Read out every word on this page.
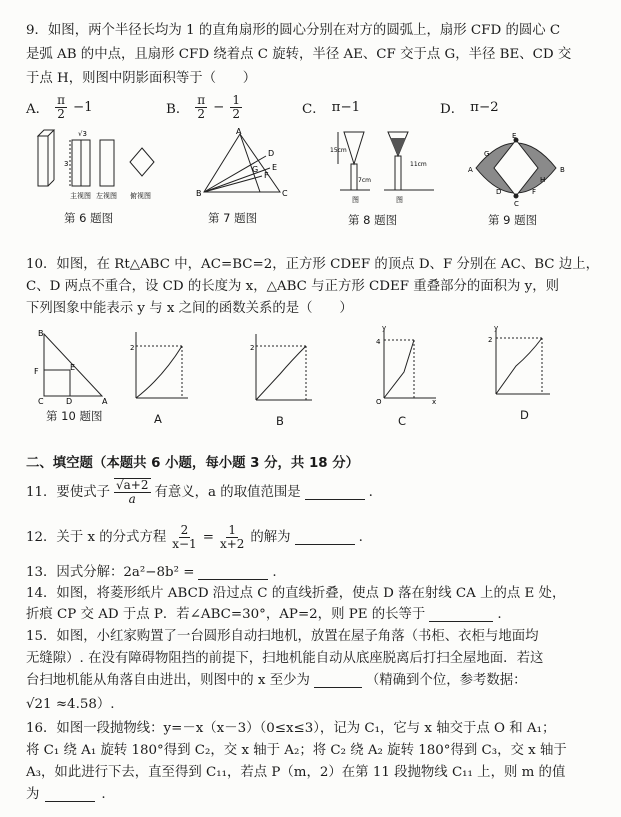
9．如图，两个半径长均为 1 的直角扇形的圆心分别在对方的圆弧上，扇形 CFD 的圆心 C
是弧 AB 的中点，且扇形 CFD 绕着点 C 旋转，半径 AE、CF 交于点 G，半径 BE、CD 交
于点 H，则图中阴影面积等于（　　）
A． $\frac{\pi}{2} -1$	B． $\frac{\pi}{2} - \frac{1}{2}$	C． π−1	D． π−2
√3
3
主视图 左视图 俯视图
第 6 题图
A
B	C
D
E
F
G
第 7 题图
15cm
7cm
11cm
图	图
第 8 题图
A	B
C
D
E
F
G
H
第 9 题图
10．如图，在 Rt△ABC 中，AC=BC=2，正方形 CDEF 的顶点 D、F 分别在 AC、BC 边上，
C、D 两点不重合，设 CD 的长度为 x，△ABC 与正方形 CDEF 重叠部分的面积为 y，则
下列图象中能表示 y 与 x 之间的函数关系的是（　　）
B
F	E
C	D	A
第 10 题图
2
A
2
B
y
4
O	x
C
y
2
D
二、填空题（本题共 6 小题，每小题 3 分，共 18 分）
11．要使式子 $\frac{√a+2}{a}$ 有意义，a 的取值范围是	.
12．关于 x 的分式方程 $\frac{2}{x-1} = \frac{1}{x+2}$ 的解为	.
13．因式分解：2a²−8b² =	.
14．如图，将菱形纸片 ABCD 沿过点 C 的直线折叠，使点 D 落在射线 CA 上的点 E 处，
折痕 CP 交 AD 于点 P．若∠ABC=30°，AP=2，则 PE 的长等于	.
15．如图，小红家购置了一台圆形自动扫地机，放置在屋子角落（书柜、衣柜与地面均
无缝隙）. 在没有障碍物阻挡的前提下，扫地机能自动从底座脱离后打扫全屋地面．若这
台扫地机能从角落自由进出，则图中的 x 至少为	（精确到个位，参考数据：
√21 ≈4.58）.
16．如图一段抛物线：y=－x（x－3）（0≤x≤3），记为 C₁，它与 x 轴交于点 O 和 A₁；
将 C₁ 绕 A₁ 旋转 180°得到 C₂，交 x 轴于 A₂；将 C₂ 绕 A₂ 旋转 180°得到 C₃，交 x 轴于
A₃，如此进行下去，直至得到 C₁₁，若点 P（m，2）在第 11 段抛物线 C₁₁ 上，则 m 的值
为	.
